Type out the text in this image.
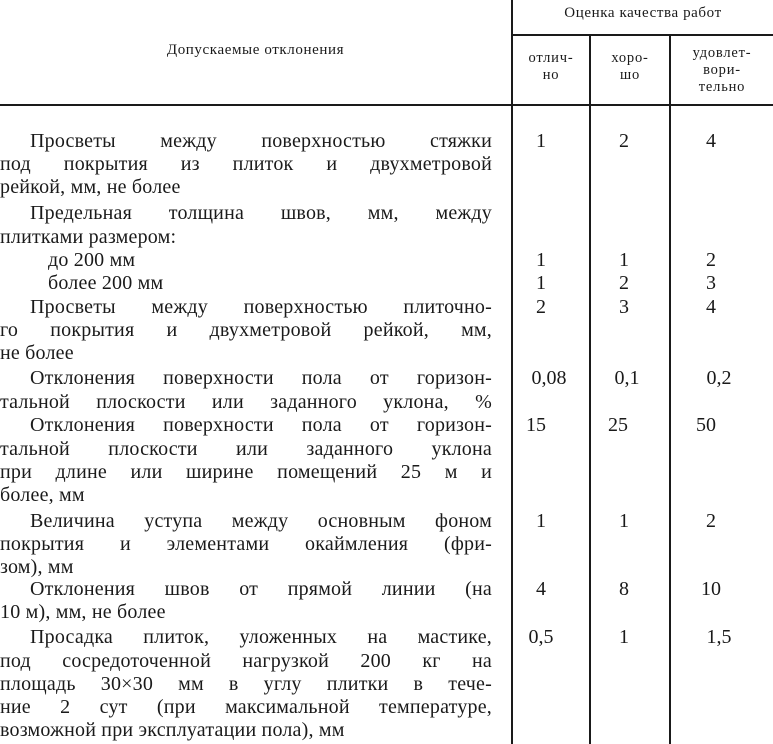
Допускаемые отклонения
Оценка качества работ
отлич-
но
хоро-
шо
удовлет-
вори-
тельно
Просветы между поверхностью стяжки
под покрытия из плиток и двухметровой
рейкой, мм, не более
1	2	4
Предельная толщина швов, мм, между
плитками размером:
до 200 мм	1	1	2
более 200 мм	1	2	3
Просветы между поверхностью плиточно-
го покрытия и двухметровой рейкой, мм,
не более
2	3	4
Отклонения поверхности пола от горизон-
тальной плоскости или заданного уклона, %
0,08	0,1	0,2
Отклонения поверхности пола от горизон-
тальной плоскости или заданного уклона
при длине или ширине помещений 25 м и
более, мм
15	25	50
Величина уступа между основным фоном
покрытия и элементами окаймления (фри-
зом), мм
1	1	2
Отклонения швов от прямой линии (на
10 м), мм, не более
4	8	10
Просадка плиток, уложенных на мастике,
под сосредоточенной нагрузкой 200 кг на
площадь 30×30 мм в углу плитки в тече-
ние 2 сут (при максимальной температуре,
возможной при эксплуатации пола), мм
0,5	1	1,5
